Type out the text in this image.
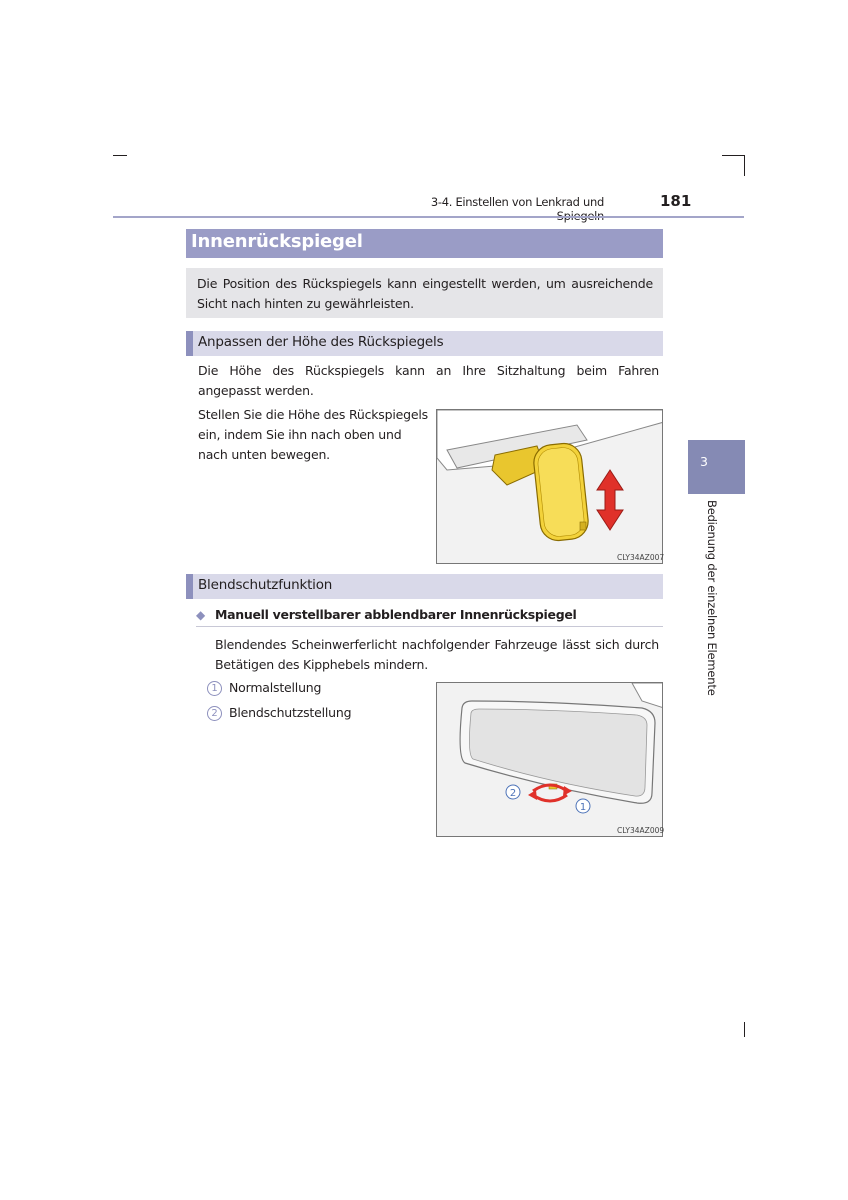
3-4. Einstellen von Lenkrad und	181
3
Bedienung der einzelnen Elemente
Innenrückspiegel

Die Position des Rückspiegels kann eingestellt werden, um ausreichende Sicht nach hinten zu gewährleisten.

Anpassen der Höhe des Rückspiegels

Die Höhe des Rückspiegels kann an Ihre Sitzhaltung beim Fahren angepasst werden.

Stellen Sie die Höhe des Rückspiegels ein, indem Sie ihn nach oben und nach unten bewegen.

CLY34AZ007
Blendschutzfunktion
◆ Manuell verstellbarer abblendbarer Innenrückspiegel

Blendendes Scheinwerferlicht nachfolgender Fahrzeuge lässt sich durch Betätigen des Kipphebels mindern.

1 Normalstellung
2 Blendschutzstellung
2
1
CLY34AZ009
